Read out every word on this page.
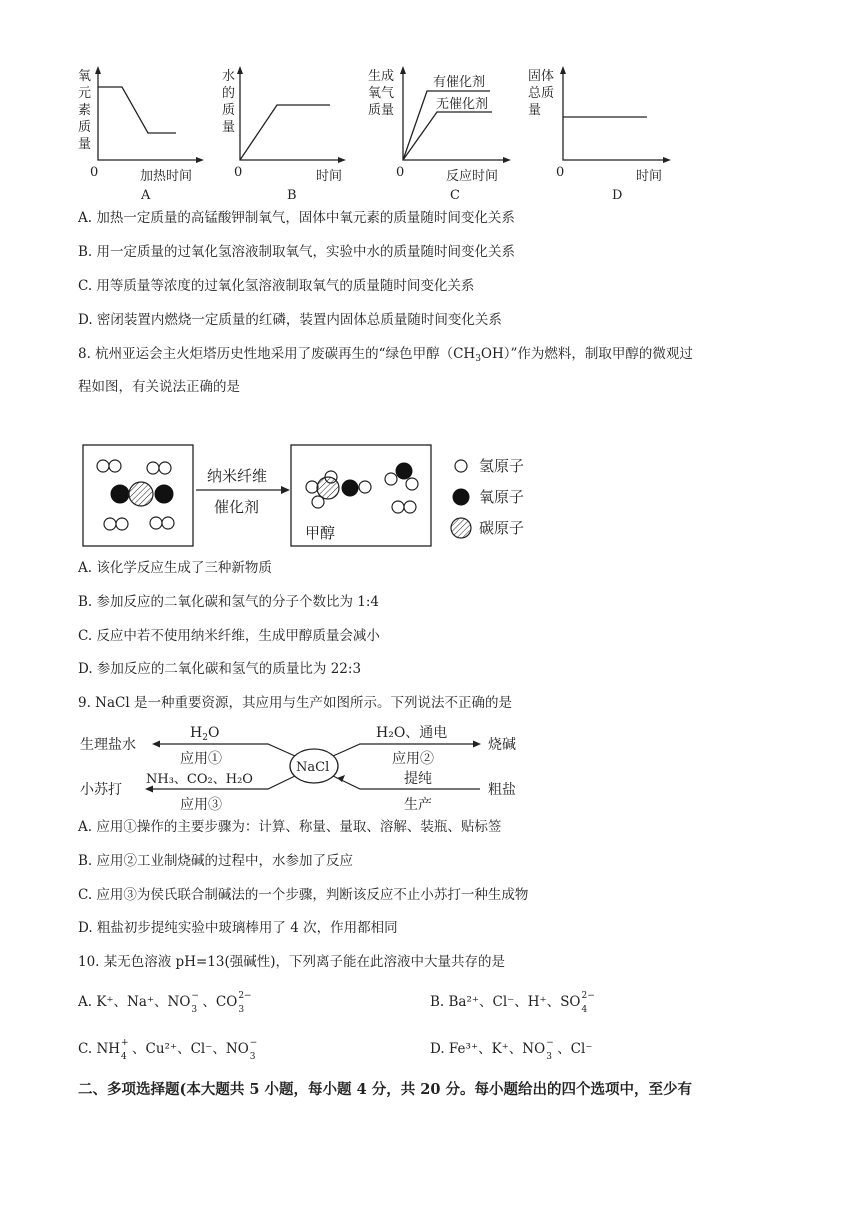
氧
元
素
质
量
0	加热时间
A
水
的
质
量
0	时间
B
生成
氧气
质量
有催化剂
无催化剂
0	反应时间
C
固体
总质
量
0	时间
D
A. 加热一定质量的高锰酸钾制氧气，固体中氧元素的质量随时间变化关系
B. 用一定质量的过氧化氢溶液制取氧气，实验中水的质量随时间变化关系
C. 用等质量等浓度的过氧化氢溶液制取氧气的质量随时间变化关系
D. 密闭装置内燃烧一定质量的红磷，装置内固体总质量随时间变化关系
8. 杭州亚运会主火炬塔历史性地采用了废碳再生的“绿色甲醇$(CH_3OH)$”作为燃料，制取甲醇的微观过
程如图，有关说法正确的是
纳米纤维
催化剂
甲醇
氢原子
氧原子
碳原子
A. 该化学反应生成了三种新物质
B. 参加反应的二氧化碳和氢气的分子个数比为 1:4
C. 反应中若不使用纳米纤维，生成甲醇质量会减小
D. 参加反应的二氧化碳和氢气的质量比为 22:3
9. NaCl 是一种重要资源，其应用与生产如图所示。下列说法不正确的是
NaCl
生理盐水
$H_2O$
应用①
小苏打
NH₃、CO₂、H₂O
应用③
H₂O、通电
应用②
烧碱
提纯
生产
粗盐
A. 应用①操作的主要步骤为：计算、称量、量取、溶解、装瓶、贴标签
B. 应用②工业制烧碱的过程中，水参加了反应
C. 应用③为侯氏联合制碱法的一个步骤，判断该反应不止小苏打一种生成物
D. 粗盐初步提纯实验中玻璃棒用了 4 次，作用都相同
10. 某无色溶液 pH=13(强碱性)，下列离子能在此溶液中大量共存的是
A. K⁺、Na⁺、NO −
3 、CO 2−
3	B. Ba²⁺、Cl⁻、H⁺、SO 2−
4
C. NH +
4 、Cu²⁺、Cl⁻、NO −
3	D. Fe³⁺、K⁺、NO −
3 、Cl⁻
二、多项选择题(本大题共 5 小题，每小题 4 分，共 20 分。每小题给出的四个选项中，至少有
